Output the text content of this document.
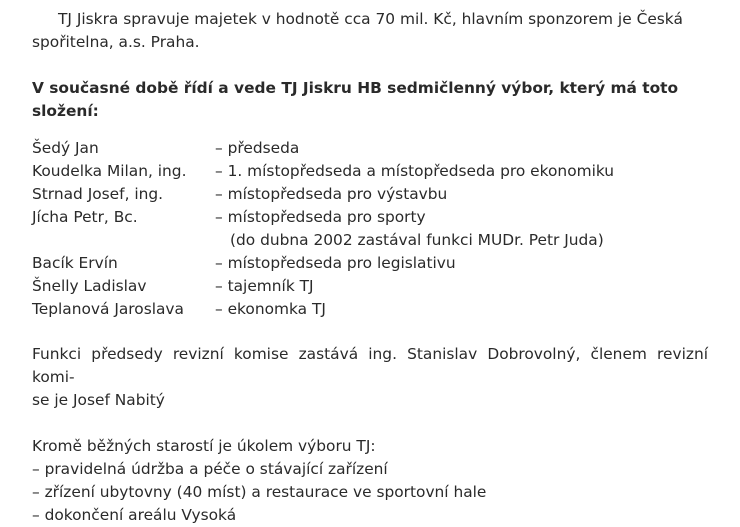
TJ Jiskra spravuje majetek v hodnotě cca 70 mil. Kč, hlavním sponzorem je Česká
spořitelna, a.s. Praha.
V současné době řídí a vede TJ Jiskru HB sedmičlenný výbor, který má toto
složení:
Šedý Jan	– předseda
Koudelka Milan, ing.	– 1. místopředseda a místopředseda pro ekonomiku
Strnad Josef, ing.	– místopředseda pro výstavbu
Jícha Petr, Bc.	– místopředseda pro sporty
(do dubna 2002 zastával funkci MUDr. Petr Juda)
Bacík Ervín	– místopředseda pro legislativu
Šnelly Ladislav	– tajemník TJ
Teplanová Jaroslava	– ekonomka TJ
Funkci předsedy revizní komise zastává ing. Stanislav Dobrovolný, členem revizní komi-
se je Josef Nabitý
Kromě běžných starostí je úkolem výboru TJ:
– pravidelná údržba a péče o stávající zařízení
– zřízení ubytovny (40 míst) a restaurace ve sportovní hale
– dokončení areálu Vysoká
